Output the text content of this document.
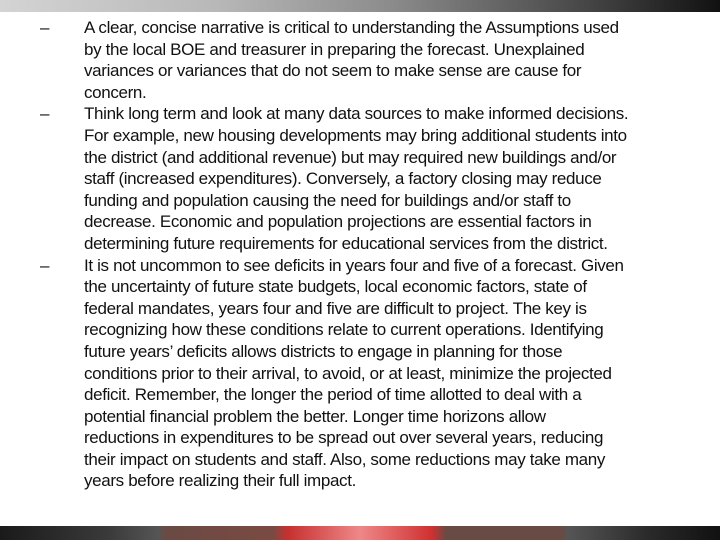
– A clear, concise narrative is critical to understanding the Assumptions used
by the local BOE and treasurer in preparing the forecast. Unexplained
variances or variances that do not seem to make sense are cause for
concern.
– Think long term and look at many data sources to make informed decisions.
For example, new housing developments may bring additional students into
the district (and additional revenue) but may required new buildings and/or
staff (increased expenditures). Conversely, a factory closing may reduce
funding and population causing the need for buildings and/or staff to
decrease. Economic and population projections are essential factors in
determining future requirements for educational services from the district.
– It is not uncommon to see deficits in years four and five of a forecast. Given
the uncertainty of future state budgets, local economic factors, state of
federal mandates, years four and five are difficult to project. The key is
recognizing how these conditions relate to current operations. Identifying
future years’ deficits allows districts to engage in planning for those
conditions prior to their arrival, to avoid, or at least, minimize the projected
deficit. Remember, the longer the period of time allotted to deal with a
potential financial problem the better. Longer time horizons allow
reductions in expenditures to be spread out over several years, reducing
their impact on students and staff. Also, some reductions may take many
years before realizing their full impact.
